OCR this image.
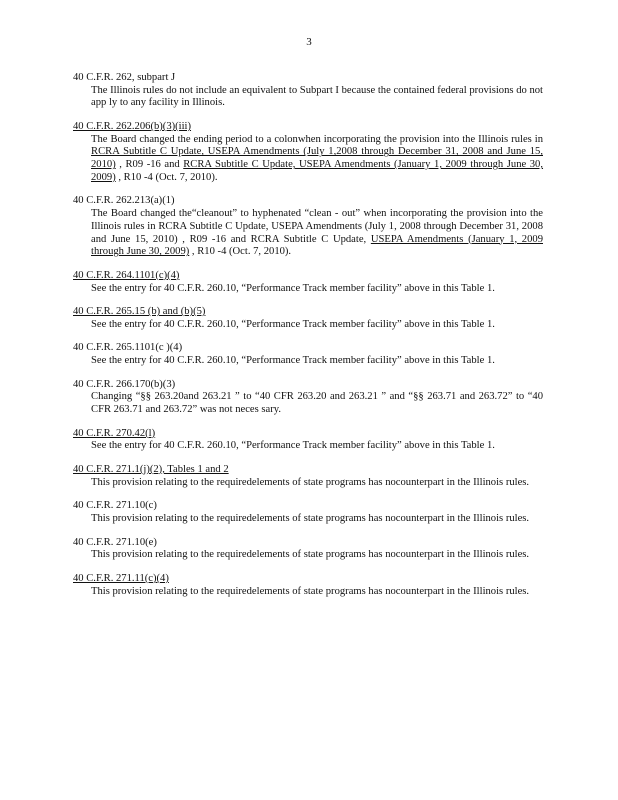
3
40 C.F.R. 262, subpart J
The Illinois rules do not include an equivalent to Subpart I because the contained federal provisions do not app ly to any facility in Illinois.
40 C.F.R. 262.206(b)(3)(iii)
The Board changed the ending period to a colonwhen incorporating the provision into the Illinois rules in RCRA Subtitle C Update, USEPA Amendments (July 1,2008 through December 31, 2008 and June 15, 2010) , R09 -16 and RCRA Subtitle C Update, USEPA Amendments (January 1, 2009 through June 30, 2009) , R10 -4 (Oct. 7, 2010).
40 C.F.R. 262.213(a)(1)
The Board changed the“cleanout” to hyphenated “clean - out” when incorporating the provision into the Illinois rules in RCRA Subtitle C Update, USEPA Amendments (July 1, 2008 through December 31, 2008 and June 15, 2010) , R09 -16 and RCRA Subtitle C Update, USEPA Amendments (January 1, 2009 through June 30, 2009) , R10 -4 (Oct. 7, 2010).
40 C.F.R. 264.1101(c)(4)
See the entry for 40 C.F.R. 260.10, “Performance Track member facility” above in this Table 1.
40 C.F.R. 265.15 (b) and (b)(5)
See the entry for 40 C.F.R. 260.10, “Performance Track member facility” above in this Table 1.
40 C.F.R. 265.1101(c )(4)
See the entry for 40 C.F.R. 260.10, “Performance Track member facility” above in this Table 1.
40 C.F.R. 266.170(b)(3)
Changing “§§ 263.20and 263.21 ” to “40 CFR 263.20 and 263.21 ” and “§§ 263.71 and 263.72” to “40 CFR 263.71 and 263.72” was not neces sary.
40 C.F.R. 270.42(l)
See the entry for 40 C.F.R. 260.10, “Performance Track member facility” above in this Table 1.
40 C.F.R. 271.1(j)(2), Tables 1 and 2
This provision relating to the requiredelements of state programs has nocounterpart in the Illinois rules.
40 C.F.R. 271.10(c)
This provision relating to the requiredelements of state programs has nocounterpart in the Illinois rules.
40 C.F.R. 271.10(e)
This provision relating to the requiredelements of state programs has nocounterpart in the Illinois rules.
40 C.F.R. 271.11(c)(4)
This provision relating to the requiredelements of state programs has nocounterpart in the Illinois rules.
